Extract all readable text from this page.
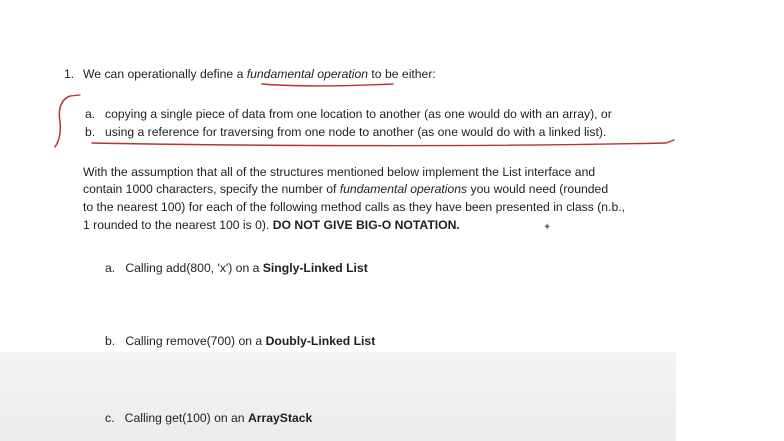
1. We can operationally define a fundamental operation to be either:
a. copying a single piece of data from one location to another (as one would do with an array), or
b. using a reference for traversing from one node to another (as one would do with a linked list).
With the assumption that all of the structures mentioned below implement the List interface and
contain 1000 characters, specify the number of fundamental operations you would need (rounded
to the nearest 100) for each of the following method calls as they have been presented in class (n.b.,
1 rounded to the nearest 100 is 0). DO NOT GIVE BIG-O NOTATION.
a. Calling add(800, 'x') on a Singly-Linked List
b. Calling remove(700) on a Doubly-Linked List
c. Calling get(100) on an ArrayStack
✦
